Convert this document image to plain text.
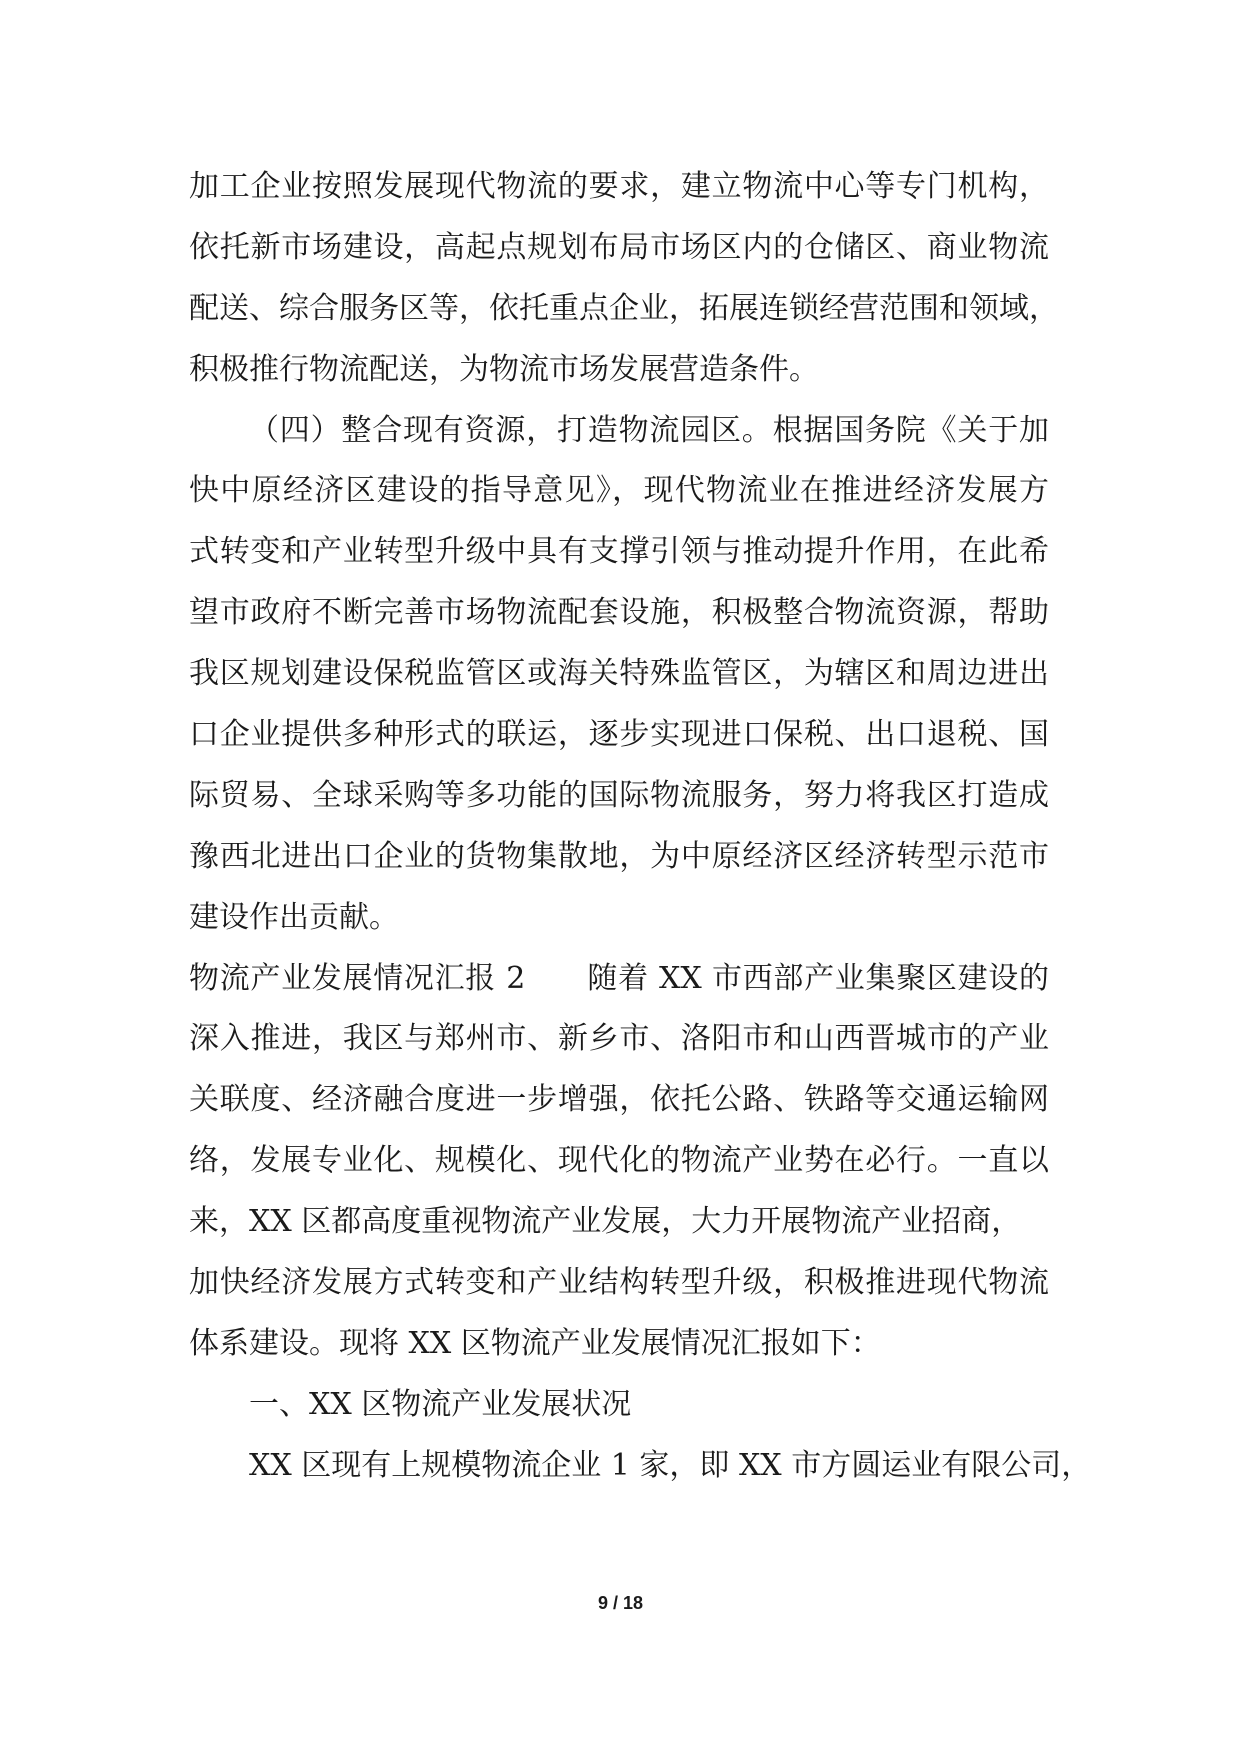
加工企业按照发展现代物流的要求，建立物流中心等专门机构，
依托新市场建设，高起点规划布局市场区内的仓储区、商业物流
配送、综合服务区等，依托重点企业，拓展连锁经营范围和领域，
积极推行物流配送，为物流市场发展营造条件。
（四）整合现有资源，打造物流园区。根据国务院《关于加
快中原经济区建设的指导意见》，现代物流业在推进经济发展方
式转变和产业转型升级中具有支撑引领与推动提升作用，在此希
望市政府不断完善市场物流配套设施，积极整合物流资源，帮助
我区规划建设保税监管区或海关特殊监管区，为辖区和周边进出
口企业提供多种形式的联运，逐步实现进口保税、出口退税、国
际贸易、全球采购等多功能的国际物流服务，努力将我区打造成
豫西北进出口企业的货物集散地，为中原经济区经济转型示范市
建设作出贡献。
物流产业发展情况汇报 2　　随着 XX 市西部产业集聚区建设的
深入推进，我区与郑州市、新乡市、洛阳市和山西晋城市的产业
关联度、经济融合度进一步增强，依托公路、铁路等交通运输网
络，发展专业化、规模化、现代化的物流产业势在必行。一直以
来，XX 区都高度重视物流产业发展，大力开展物流产业招商，
加快经济发展方式转变和产业结构转型升级，积极推进现代物流
体系建设。现将 XX 区物流产业发展情况汇报如下：
一、XX 区物流产业发展状况
XX 区现有上规模物流企业 1 家，即 XX 市方圆运业有限公司，
9 / 18
